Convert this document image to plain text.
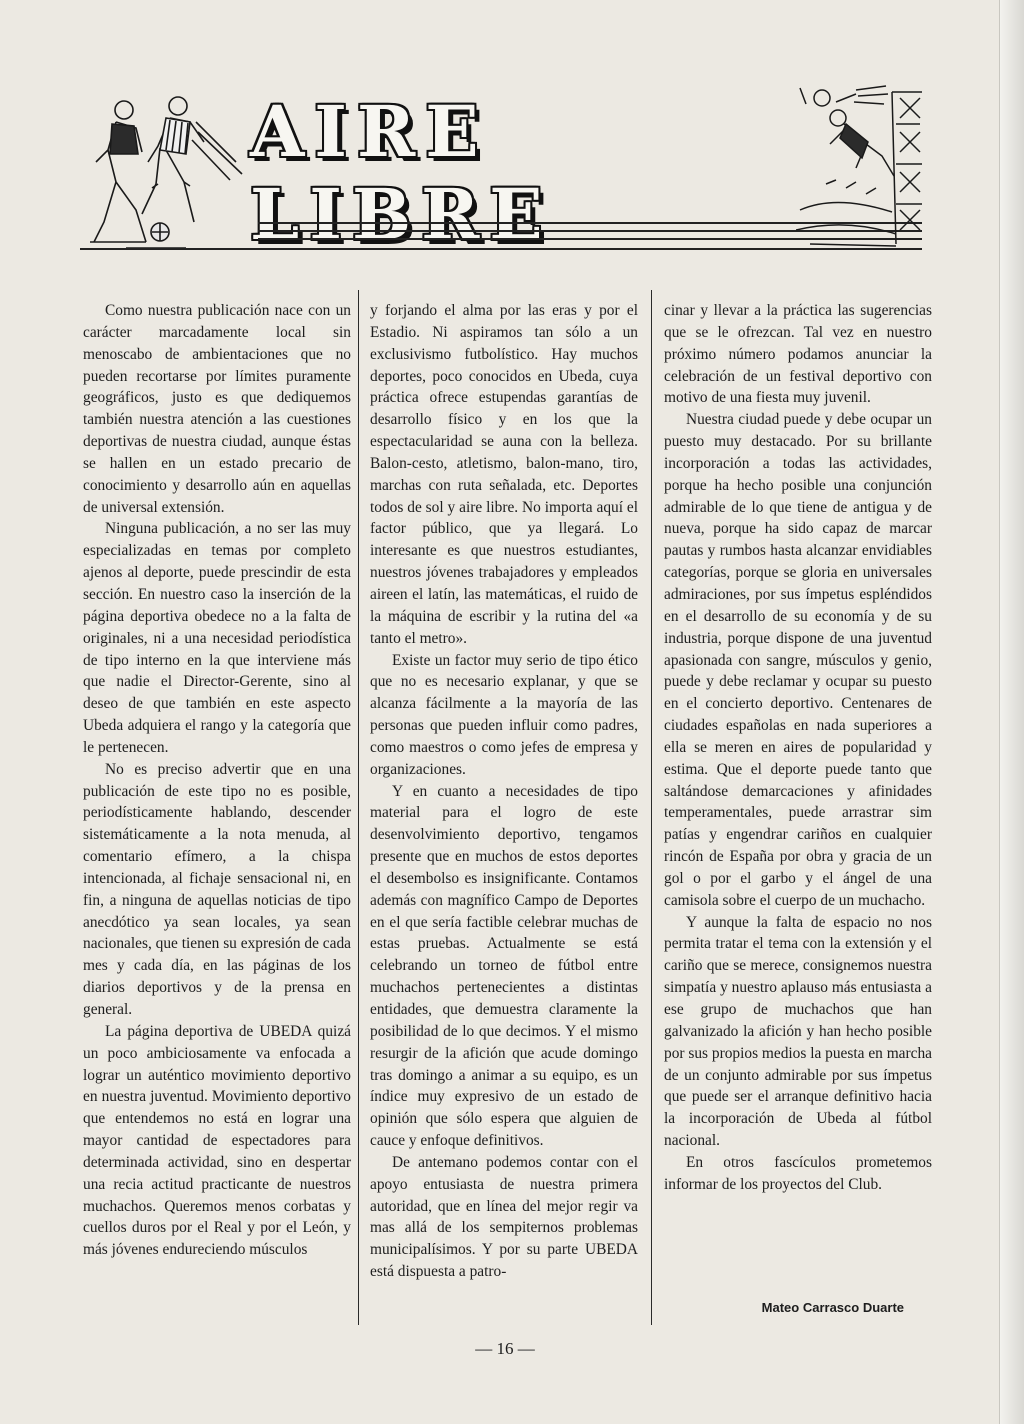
AIRE LIBRE

Como nuestra publicación nace con un carácter marcadamente local sin menoscabo de ambientaciones que no pueden recortarse por límites puramente geográficos, justo es que dediquemos también nuestra atención a las cuestiones deportivas de nuestra ciudad, aunque éstas se hallen en un estado precario de conocimiento y desarrollo aún en aquellas de universal extensión.

Ninguna publicación, a no ser las muy especializadas en temas por completo ajenos al deporte, puede prescindir de esta sección. En nuestro caso la inserción de la página deportiva obedece no a la falta de originales, ni a una necesidad periodística de tipo interno en la que interviene más que nadie el Director-Gerente, sino al deseo de que también en este aspecto Ubeda adquiera el rango y la categoría que le pertenecen.

No es preciso advertir que en una publicación de este tipo no es posible, periodísticamente hablando, descender sistemáticamente a la nota menuda, al comentario efímero, a la chispa intencionada, al fichaje sensacional ni, en fin, a ninguna de aquellas noticias de tipo anecdótico ya sean locales, ya sean nacionales, que tienen su expresión de cada mes y cada día, en las páginas de los diarios deportivos y de la prensa en general.

La página deportiva de UBEDA quizá un poco ambiciosamente va enfocada a lograr un auténtico movimiento deportivo en nuestra juventud. Movimiento deportivo que entendemos no está en lograr una mayor cantidad de espectadores para determinada actividad, sino en despertar una recia actitud practicante de nuestros muchachos. Queremos menos corbatas y cuellos duros por el Real y por el León, y más jóvenes endureciendo músculos

y forjando el alma por las eras y por el Estadio. Ni aspiramos tan sólo a un exclusivismo futbolístico. Hay muchos deportes, poco conocidos en Ubeda, cuya práctica ofrece estupendas garantías de desarrollo físico y en los que la espectacularidad se auna con la belleza. Balon-cesto, atletismo, balon-mano, tiro, marchas con ruta señalada, etc. Deportes todos de sol y aire libre. No importa aquí el factor público, que ya llegará. Lo interesante es que nuestros estudiantes, nuestros jóvenes trabajadores y empleados aireen el latín, las matemáticas, el ruido de la máquina de escribir y la rutina del «a tanto el metro».

Existe un factor muy serio de tipo ético que no es necesario explanar, y que se alcanza fácilmente a la mayoría de las personas que pueden influir como padres, como maestros o como jefes de empresa y organizaciones.

Y en cuanto a necesidades de tipo material para el logro de este desenvolvimiento deportivo, tengamos presente que en muchos de estos deportes el desembolso es insignificante. Contamos además con magnífico Campo de Deportes en el que sería factible celebrar muchas de estas pruebas. Actualmente se está celebrando un torneo de fútbol entre muchachos pertenecientes a distintas entidades, que demuestra claramente la posibilidad de lo que decimos. Y el mismo resurgir de la afición que acude domingo tras domingo a animar a su equipo, es un índice muy expresivo de un estado de opinión que sólo espera que alguien de cauce y enfoque definitivos.

De antemano podemos contar con el apoyo entusiasta de nuestra primera autoridad, que en línea del mejor regir va mas allá de los sempiternos problemas municipalísimos. Y por su parte UBEDA está dispuesta a patro-

cinar y llevar a la práctica las sugerencias que se le ofrezcan. Tal vez en nuestro próximo número podamos anunciar la celebración de un festival deportivo con motivo de una fiesta muy juvenil.

Nuestra ciudad puede y debe ocupar un puesto muy destacado. Por su brillante incorporación a todas las actividades, porque ha hecho posible una conjunción admirable de lo que tiene de antigua y de nueva, porque ha sido capaz de marcar pautas y rumbos hasta alcanzar envidiables categorías, porque se gloria en universales admiraciones, por sus ímpetus espléndidos en el desarrollo de su economía y de su industria, porque dispone de una juventud apasionada con sangre, músculos y genio, puede y debe reclamar y ocupar su puesto en el concierto deportivo. Centenares de ciudades españolas en nada superiores a ella se meren en aires de popularidad y estima. Que el deporte puede tanto que saltándose demarcaciones y afinidades temperamentales, puede arrastrar sim patías y engendrar cariños en cualquier rincón de España por obra y gracia de un gol o por el garbo y el ángel de una camisola sobre el cuerpo de un muchacho.

Y aunque la falta de espacio no nos permita tratar el tema con la extensión y el cariño que se merece, consignemos nuestra simpatía y nuestro aplauso más entusiasta a ese grupo de muchachos que han galvanizado la afición y han hecho posible por sus propios medios la puesta en marcha de un conjunto admirable por sus ímpetus que puede ser el arranque definitivo hacia la incorporación de Ubeda al fútbol nacional.

En otros fascículos prometemos informar de los proyectos del Club.

Mateo Carrasco Duarte
— 16 —
